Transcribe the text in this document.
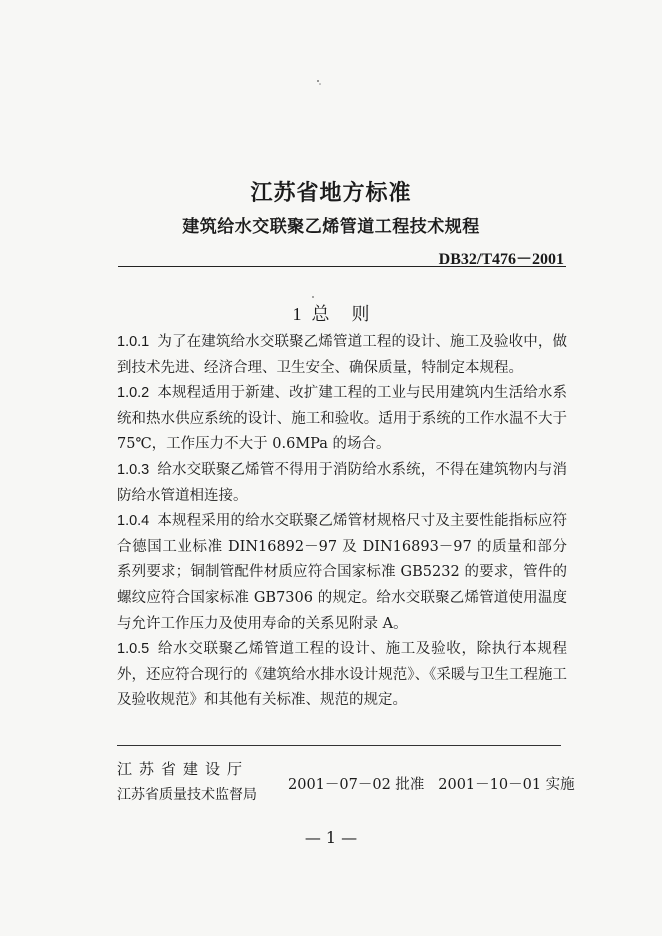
江苏省地方标准
建筑给水交联聚乙烯管道工程技术规程
DB32/T476－2001
1 总 则

1.0.1 为了在建筑给水交联聚乙烯管道工程的设计、施工及验收中，做到技术先进、经济合理、卫生安全、确保质量，特制定本规程。

1.0.2 本规程适用于新建、改扩建工程的工业与民用建筑内生活给水系统和热水供应系统的设计、施工和验收。适用于系统的工作水温不大于 75℃，工作压力不大于 0.6MPa 的场合。

1.0.3 给水交联聚乙烯管不得用于消防给水系统，不得在建筑物内与消防给水管道相连接。

1.0.4 本规程采用的给水交联聚乙烯管材规格尺寸及主要性能指标应符合德国工业标准 DIN16892－97 及 DIN16893－97 的质量和部分系列要求；铜制管配件材质应符合国家标准 GB5232 的要求，管件的螺纹应符合国家标准 GB7306 的规定。给水交联聚乙烯管道使用温度与允许工作压力及使用寿命的关系见附录 A。

1.0.5 给水交联聚乙烯管道工程的设计、施工及验收，除执行本规程外，还应符合现行的《建筑给水排水设计规范》、《采暖与卫生工程施工及验收规范》和其他有关标准、规范的规定。

江苏省建设厅
江苏省质量技术监督局
2001－07－02 批准   2001－10－01 实施
— 1 —
